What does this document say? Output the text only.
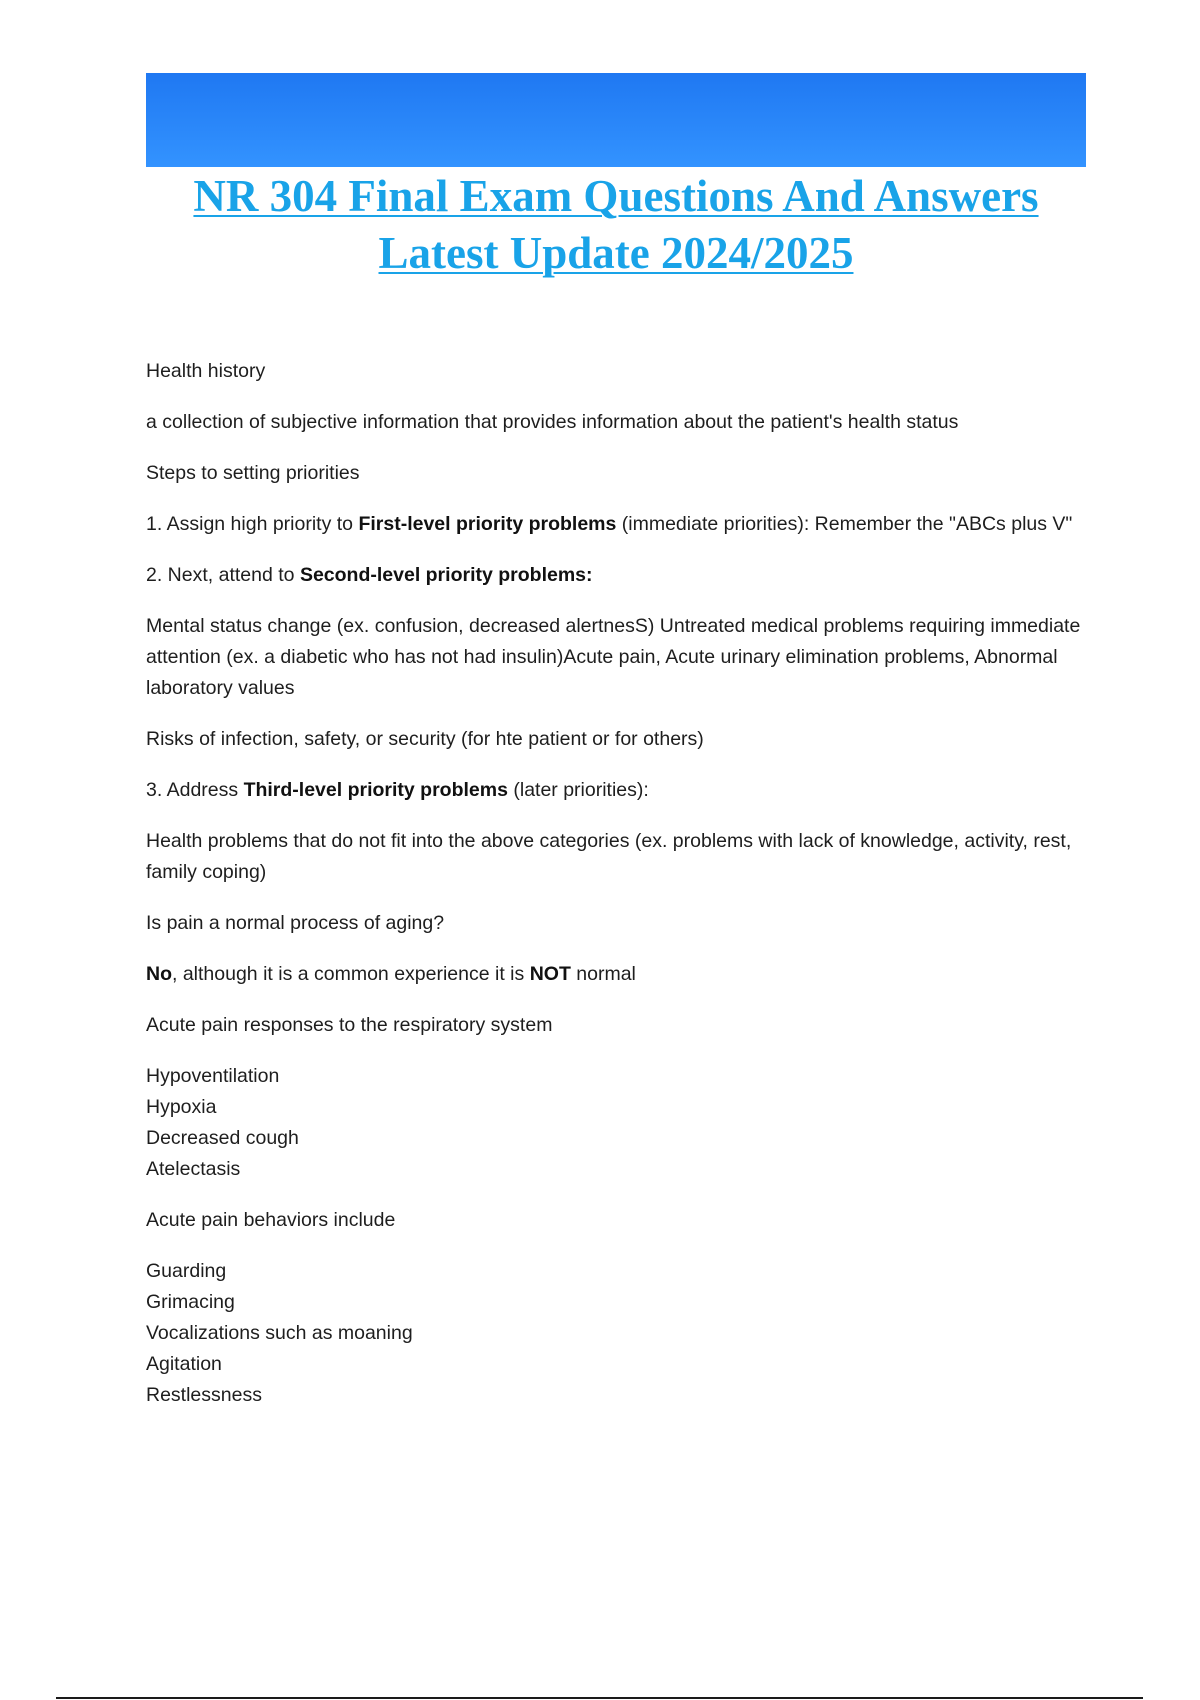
NR 304 Final Exam Questions And Answers
Latest Update 2024/2025

Health history

a collection of subjective information that provides information about the patient's health status

Steps to setting priorities

1. Assign high priority to First-level priority problems (immediate priorities): Remember the "ABCs plus V"

2. Next, attend to Second-level priority problems:

Mental status change (ex. confusion, decreased alertnesS) Untreated medical problems requiring immediate attention (ex. a diabetic who has not had insulin)Acute pain, Acute urinary elimination problems, Abnormal laboratory values

Risks of infection, safety, or security (for hte patient or for others)

3. Address Third-level priority problems (later priorities):

Health problems that do not fit into the above categories (ex. problems with lack of knowledge, activity, rest, family coping)

Is pain a normal process of aging?

No, although it is a common experience it is NOT normal

Acute pain responses to the respiratory system

Hypoventilation
Hypoxia
Decreased cough
Atelectasis

Acute pain behaviors include

Guarding
Grimacing
Vocalizations such as moaning
Agitation
Restlessness
